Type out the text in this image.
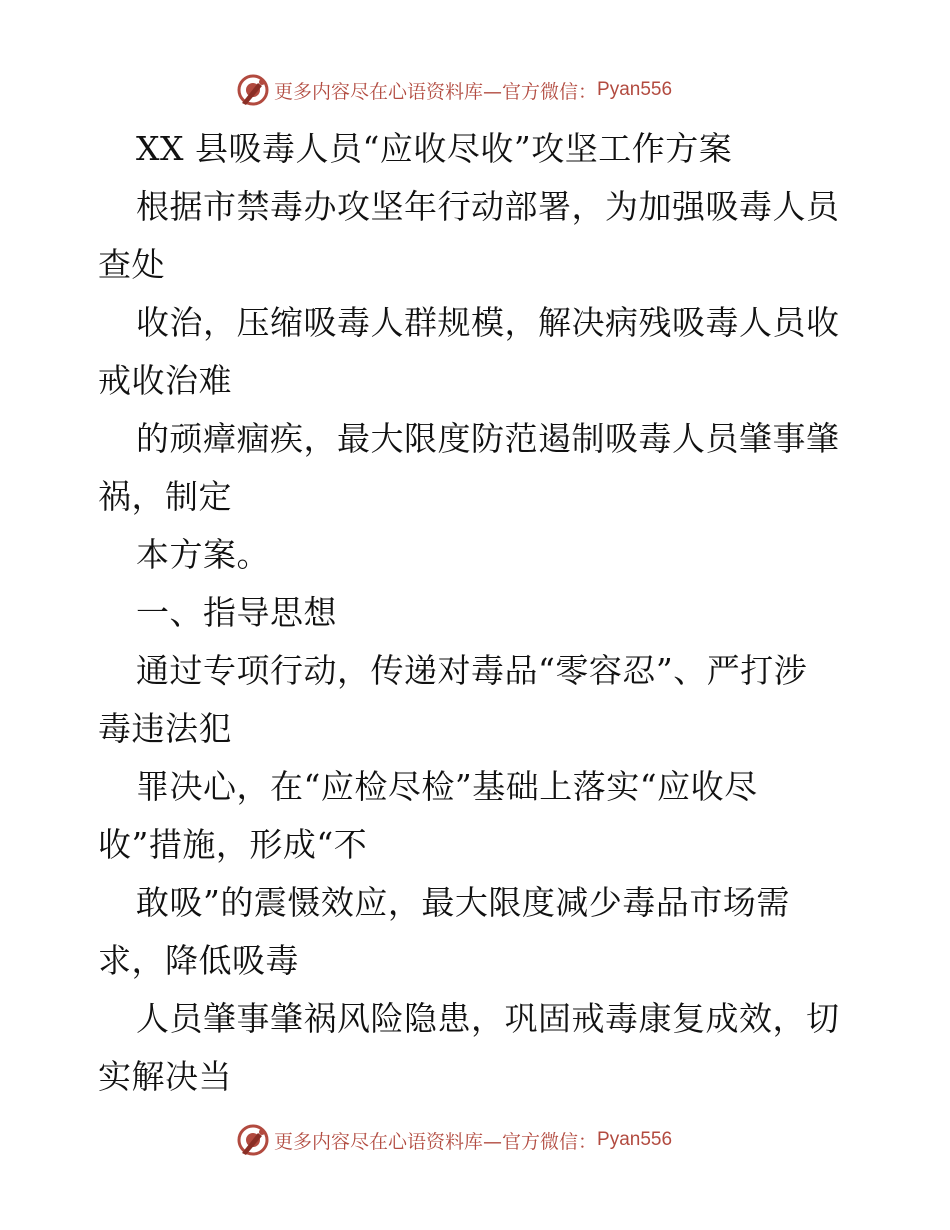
更多内容尽在心语资料库—官方微信： Pyan556
XX 县吸毒人员“应收尽收”攻坚工作方案
根据市禁毒办攻坚年行动部署，为加强吸毒人员
查处
收治，压缩吸毒人群规模，解决病残吸毒人员收
戒收治难
的顽瘴痼疾，最大限度防范遏制吸毒人员肇事肇
祸，制定
本方案。
一、指导思想
通过专项行动，传递对毒品“零容忍”、严打涉
毒违法犯
罪决心，在“应检尽检”基础上落实“应收尽
收”措施，形成“不
敢吸”的震慑效应，最大限度减少毒品市场需
求，降低吸毒
人员肇事肇祸风险隐患，巩固戒毒康复成效，切
实解决当
更多内容尽在心语资料库—官方微信： Pyan556
